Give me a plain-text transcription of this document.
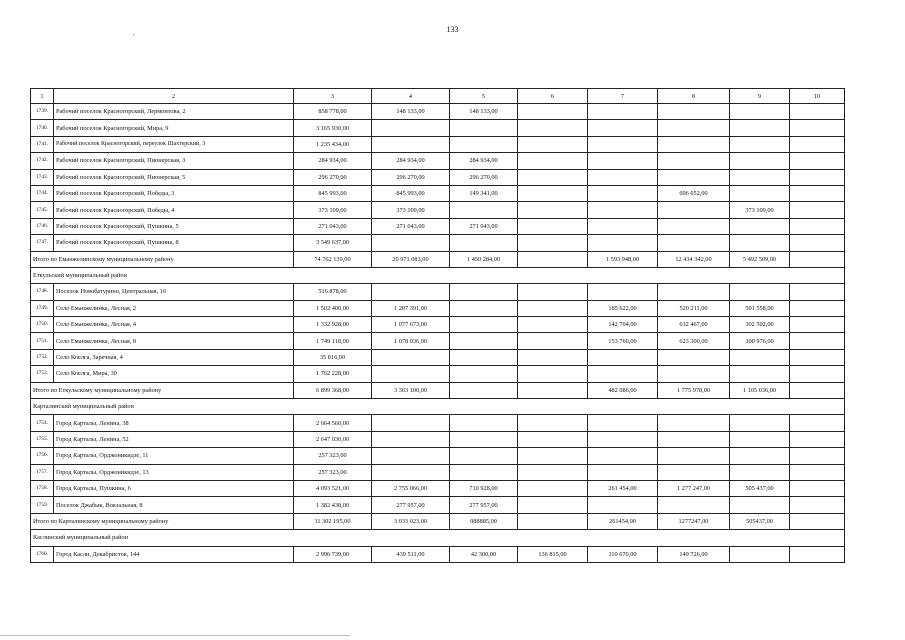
133
ʽ
1	2	3	4	5	6	7	8	9	10
1739.	Рабочий поселок Красногорский, Лермонтова, 2	858 778,00	148 133,00	148 133,00					
1740.	Рабочий поселок Красногорский, Мира, 9	3 165 930,00							
1741.	Рабочий поселок Красногорский, переулок Шахтерский, 3	1 235 434,00							
1742.	Рабочий поселок Красногорский, Пионерская, 3	284 934,00	284 934,00	284 934,00					
1743.	Рабочий поселок Красногорский, Пионерская, 5	296 270,00	296 270,00	296 270,00					
1744.	Рабочий поселок Красногорский, Победы, 3	845 993,00	845 993,00	149 341,00			696 652,00		
1745.	Рабочий поселок Красногорский, Победы, 4	373 109,00	373 109,00					373 109,00	
1746.	Рабочий поселок Красногорский, Пушкина, 5	271 043,00	271 043,00	271 043,00					
1747.	Рабочий поселок Красногорский, Пушкина, 8	3 549 637,00							
Итого по Еманжелинскому муниципальному району		74 762 139,00	20 971 083,00	1 450 284,00		1 593 948,00	12 434 342,00	5 492 509,00	
Еткульский муниципальный район									
1748.	Поселок Новобатурино, Центральная, 16	516 878,00							
1749.	Село Еманжелинка, Лесная, 2	1 502 400,00	1 207 391,00			185 622,00	520 211,00	501 558,00	
1750.	Село Еманжелинка, Лесная, 4	1 332 928,00	1 077 673,00			142 704,00	632 467,00	302 502,00	
1751.	Село Еманжелинка, Лесная, 8	1 749 118,00	1 078 036,00			153 760,00	623 300,00	300 976,00	
1752.	Село Коелга, Заречная, 4	35 816,00							
1753.	Село Коелга, Мира, 30	1 762 228,00							
Итого по Еткульскому муниципальному району		6 899 368,00	3 363 100,00			482 086,00	1 775 978,00	1 105 036,00	
Карталинский муниципальный район									
1754.	Город Карталы, Ленина, 38	2 664 560,00							
1755.	Город Карталы, Ленина, 52	2 647 030,00							
1756.	Город Карталы, Орджоникидзе, 11	257 323,00							
1757.	Город Карталы, Орджоникидзе, 13	257 323,00							
1758.	Город Карталы, Пушкина, 6	4 093 521,00	2 755 066,00	710 928,00		261 454,00	1 277 247,00	505 437,00	
1759.	Поселок Джабык, Вокзальная, 8	1 382 438,00	277 957,00	277 957,00					
Итого по Карталинскому муниципальному району		11 302 195,00	3 033 023,00	988885,00		261454,00	1277247,00	505437,00	
Каслинский муниципальный район									
1760.	Город Касли, Декабристов, 144	2 996 739,00	439 511,00	42 300,00	136 815,00	110 670,00	149 726,00		
